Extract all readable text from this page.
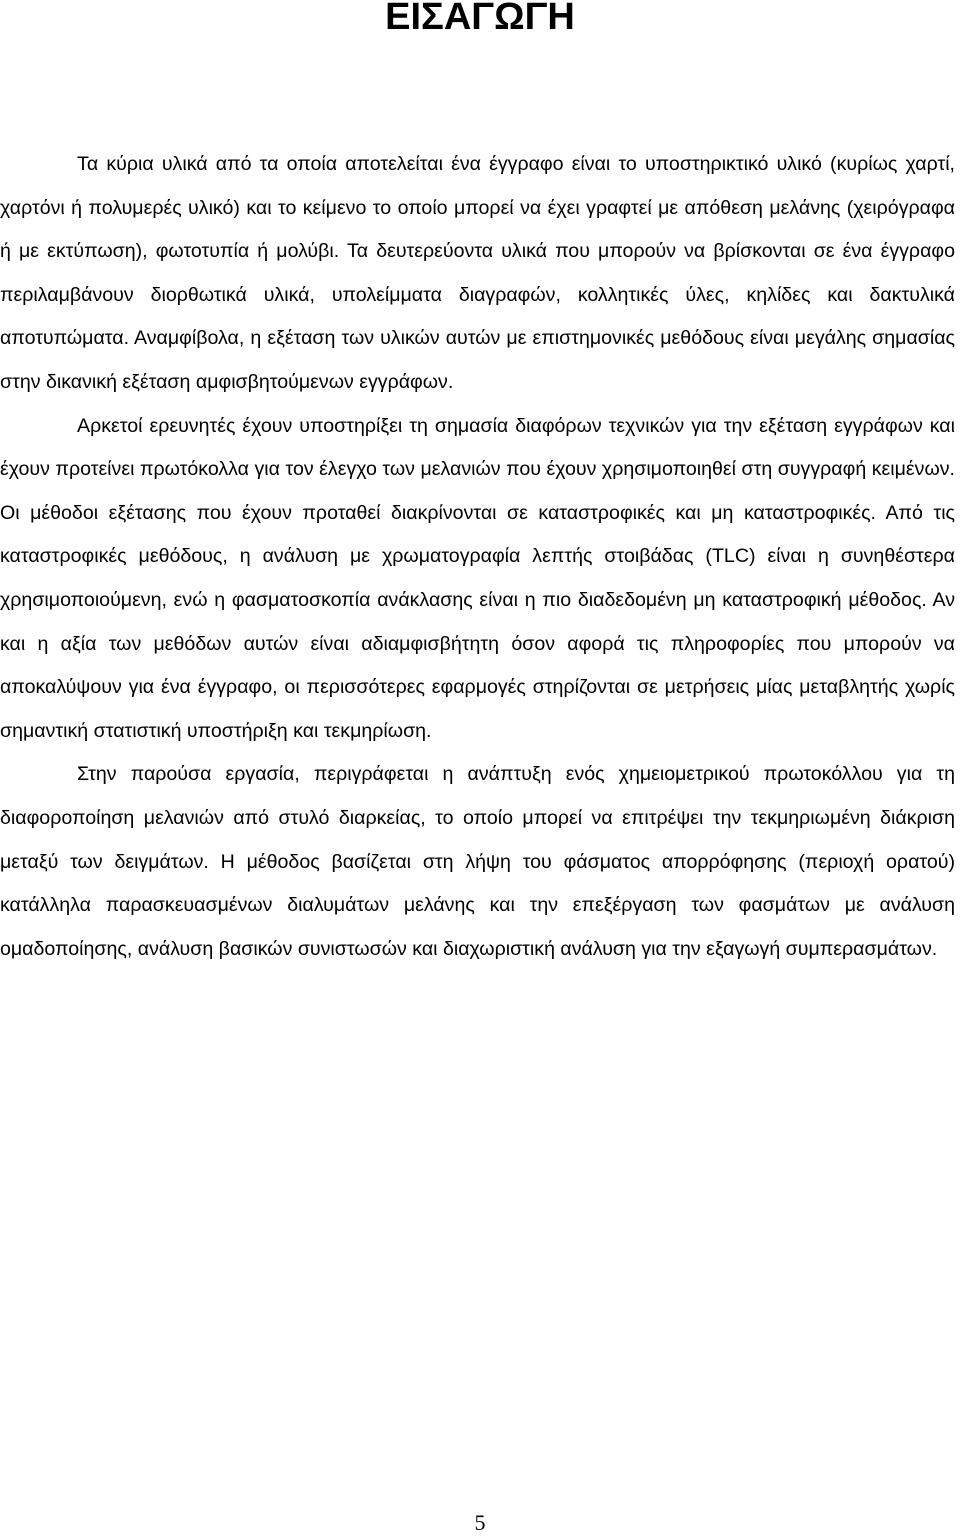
ΕΙΣΑΓΩΓΗ

Τα κύρια υλικά από τα οποία αποτελείται ένα έγγραφο είναι το υποστηρικτικό υλικό (κυρίως χαρτί, χαρτόνι ή πολυμερές υλικό) και το κείμενο το οποίο μπορεί να έχει γραφτεί με απόθεση μελάνης (χειρόγραφα ή με εκτύπωση), φωτοτυπία ή μολύβι. Τα δευτερεύοντα υλικά που μπορούν να βρίσκονται σε ένα έγγραφο περιλαμβάνουν διορθωτικά υλικά, υπολείμματα διαγραφών, κολλητικές ύλες, κηλίδες και δακτυλικά αποτυπώματα. Αναμφίβολα, η εξέταση των υλικών αυτών με επιστημονικές μεθόδους είναι μεγάλης σημασίας στην δικανική εξέταση αμφισβητούμενων εγγράφων.

Αρκετοί ερευνητές έχουν υποστηρίξει τη σημασία διαφόρων τεχνικών για την εξέταση εγγράφων και έχουν προτείνει πρωτόκολλα για τον έλεγχο των μελανιών που έχουν χρησιμοποιηθεί στη συγγραφή κειμένων. Οι μέθοδοι εξέτασης που έχουν προταθεί διακρίνονται σε καταστροφικές και μη καταστροφικές. Από τις καταστροφικές μεθόδους, η ανάλυση με χρωματογραφία λεπτής στοιβάδας (TLC) είναι η συνηθέστερα χρησιμοποιούμενη, ενώ η φασματοσκοπία ανάκλασης είναι η πιο διαδεδομένη μη καταστροφική μέθοδος. Αν και η αξία των μεθόδων αυτών είναι αδιαμφισβήτητη όσον αφορά τις πληροφορίες που μπορούν να αποκαλύψουν για ένα έγγραφο, οι περισσότερες εφαρμογές στηρίζονται σε μετρήσεις μίας μεταβλητής χωρίς σημαντική στατιστική υποστήριξη και τεκμηρίωση.

Στην παρούσα εργασία, περιγράφεται η ανάπτυξη ενός χημειομετρικού πρωτοκόλλου για τη διαφοροποίηση μελανιών από στυλό διαρκείας, το οποίο μπορεί να επιτρέψει την τεκμηριωμένη διάκριση μεταξύ των δειγμάτων. Η μέθοδος βασίζεται στη λήψη του φάσματος απορρόφησης (περιοχή ορατού) κατάλληλα παρασκευασμένων διαλυμάτων μελάνης και την επεξέργαση των φασμάτων με ανάλυση ομαδοποίησης, ανάλυση βασικών συνιστωσών και διαχωριστική ανάλυση για την εξαγωγή συμπερασμάτων.

5
